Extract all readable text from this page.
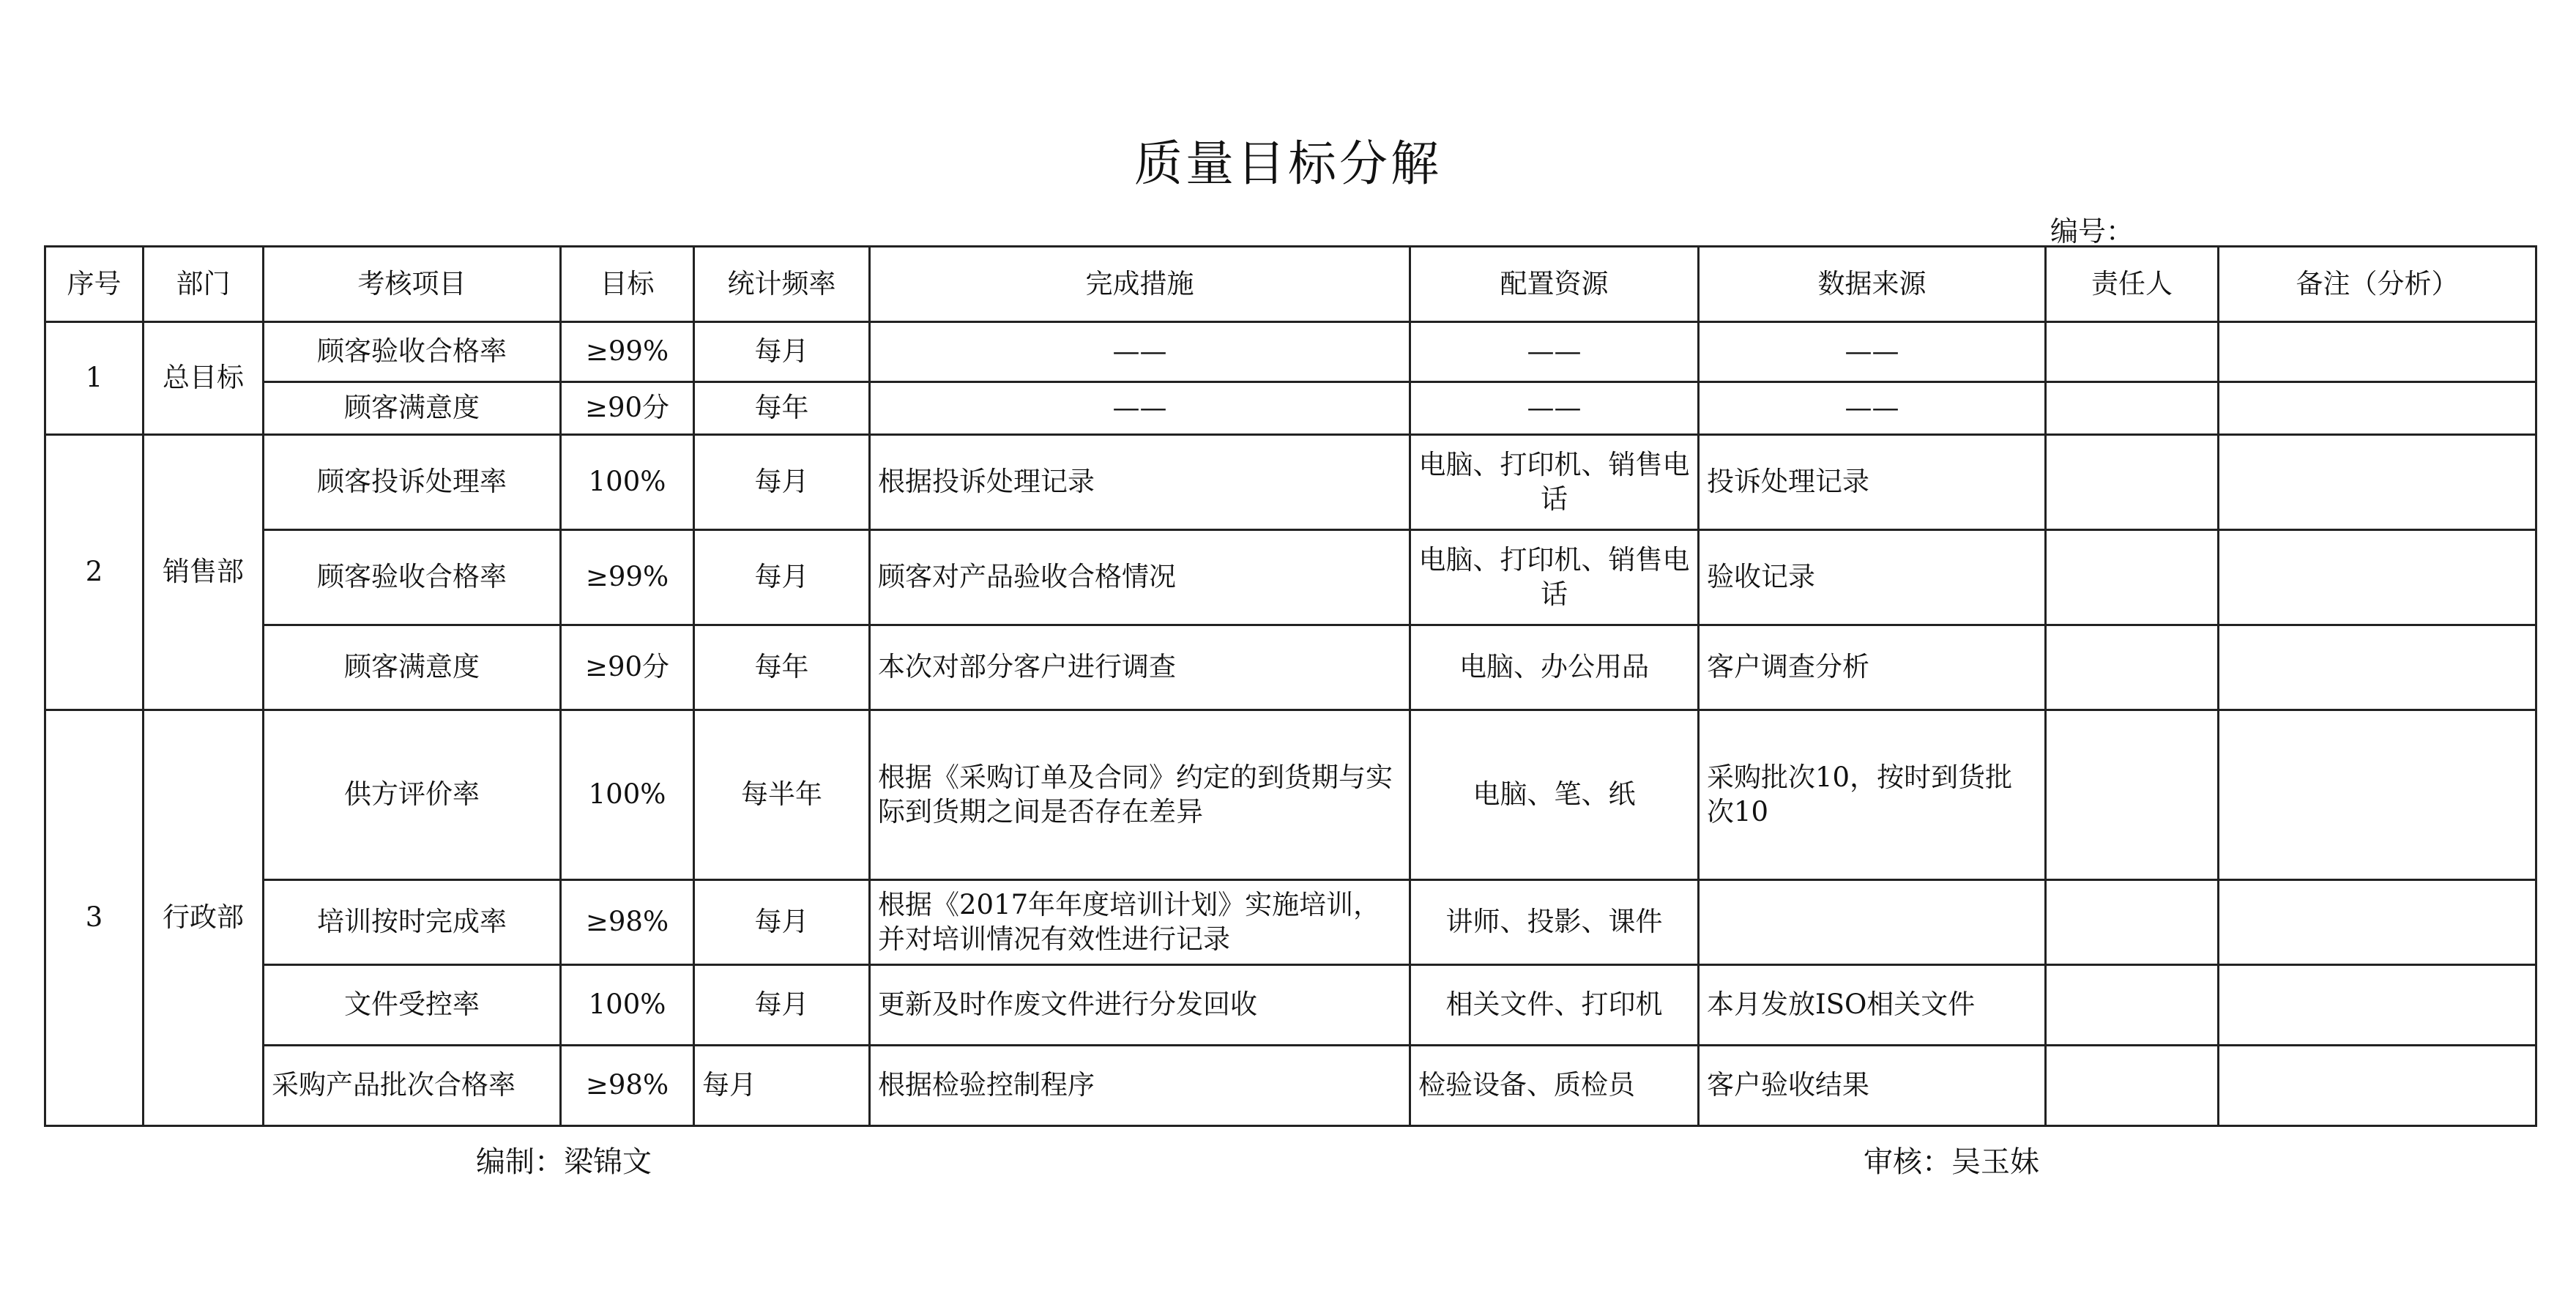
质量目标分解
编号：
序号	部门	考核项目	目标	统计频率	完成措施	配置资源	数据来源	责任人	备注（分析）
1	总目标	顾客验收合格率	≥99%	每月	——	——	——		
		顾客满意度	≥90分	每年	——	——	——		
2	销售部	顾客投诉处理率	100%	每月	根据投诉处理记录	电脑、打印机、销售电话	投诉处理记录		
		顾客验收合格率	≥99%	每月	顾客对产品验收合格情况	电脑、打印机、销售电话	验收记录		
		顾客满意度	≥90分	每年	本次对部分客户进行调查	电脑、办公用品	客户调查分析		
3	行政部	供方评价率	100%	每半年	根据《采购订单及合同》约定的到货期与实际到货期之间是否存在差异	电脑、笔、纸	采购批次10，按时到货批次10		
		培训按时完成率	≥98%	每月	根据《2017年年度培训计划》实施培训，并对培训情况有效性进行记录	讲师、投影、课件			
		文件受控率	100%	每月	更新及时作废文件进行分发回收	相关文件、打印机	本月发放ISO相关文件		
		采购产品批次合格率	≥98%	每月	根据检验控制程序	检验设备、质检员	客户验收结果		
编制：梁锦文	审核：吴玉妹
